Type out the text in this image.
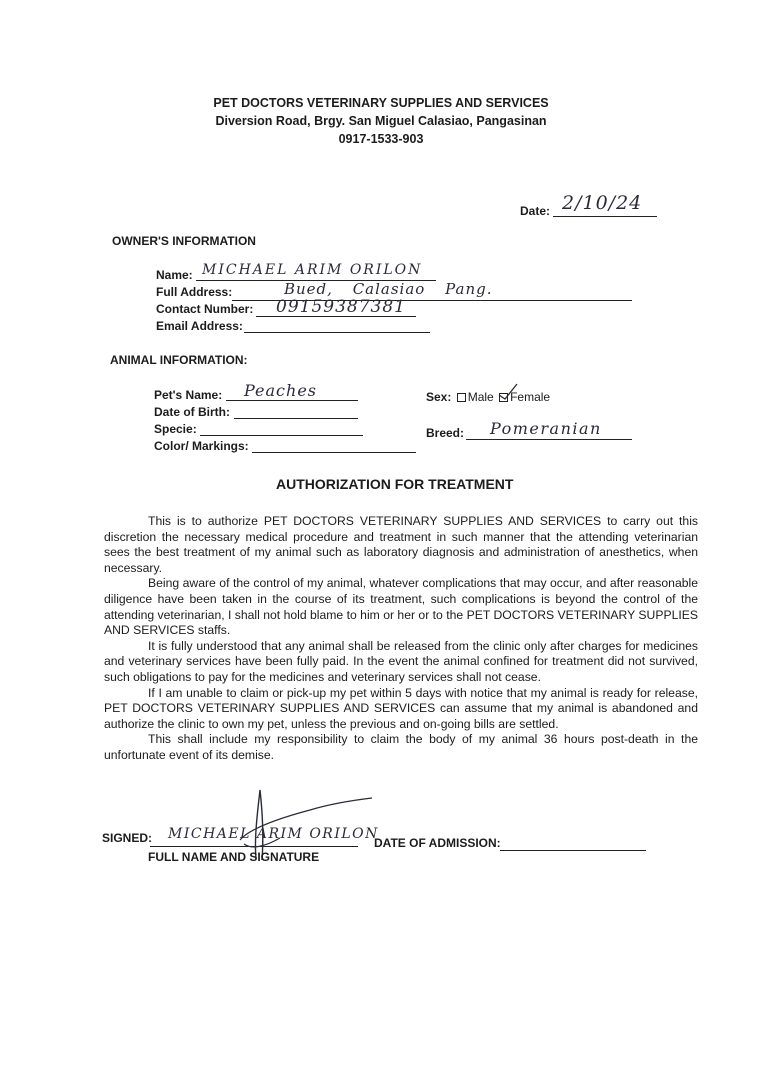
PET DOCTORS VETERINARY SUPPLIES AND SERVICES
Diversion Road, Brgy. San Miguel Calasiao, Pangasinan
0917-1533-903
Date: 2/10/24
OWNER'S INFORMATION
Name: MICHAEL ARIM ORILON
Full Address:	Bued, Calasiao Pang.
Contact Number: 09159387381
Email Address:
ANIMAL INFORMATION:
Pet's Name: Peaches
Date of Birth:
Specie:
Color/ Markings:
Sex: Male Female
Breed: Pomeranian
AUTHORIZATION FOR TREATMENT

This is to authorize PET DOCTORS VETERINARY SUPPLIES AND SERVICES to carry out this discretion the necessary medical procedure and treatment in such manner that the attending veterinarian sees the best treatment of my animal such as laboratory diagnosis and administration of anesthetics, when necessary.

Being aware of the control of my animal, whatever complications that may occur, and after reasonable diligence have been taken in the course of its treatment, such complications is beyond the control of the attending veterinarian, I shall not hold blame to him or her or to the PET DOCTORS VETERINARY SUPPLIES AND SERVICES staffs.

It is fully understood that any animal shall be released from the clinic only after charges for medicines and veterinary services have been fully paid. In the event the animal confined for treatment did not survived, such obligations to pay for the medicines and veterinary services shall not cease.

If I am unable to claim or pick-up my pet within 5 days with notice that my animal is ready for release, PET DOCTORS VETERINARY SUPPLIES AND SERVICES can assume that my animal is abandoned and authorize the clinic to own my pet, unless the previous and on-going bills are settled.

This shall include my responsibility to claim the body of my animal 36 hours post-death in the unfortunate event of its demise.

SIGNED: MICHAEL ARIM ORILON
FULL NAME AND SIGNATURE
DATE OF ADMISSION:
